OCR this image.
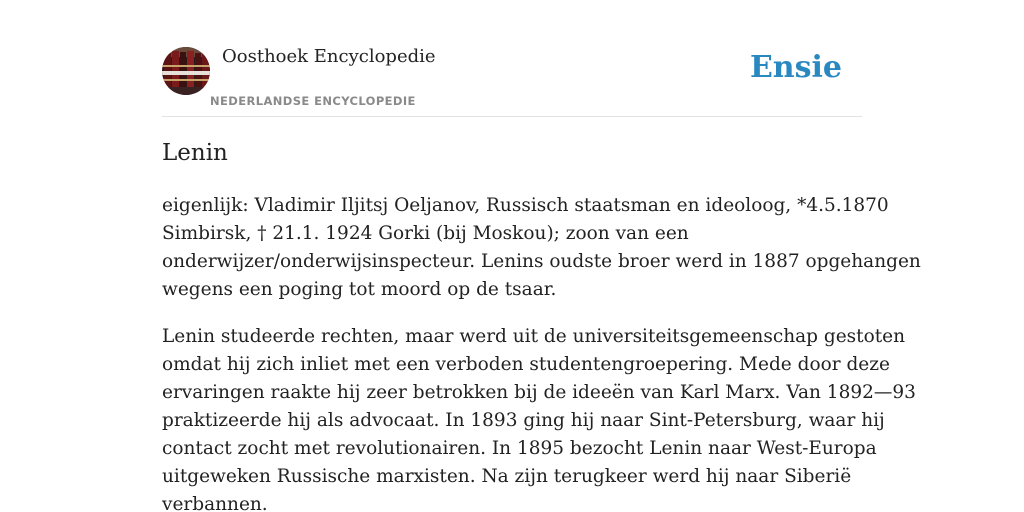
Oosthoek Encyclopedie
NEDERLANDSE ENCYCLOPEDIE
Ensie
Lenin

eigenlijk: Vladimir Iljitsj Oeljanov, Russisch staatsman en ideoloog, *4.5.1870
Simbirsk, † 21.1. 1924 Gorki (bij Moskou); zoon van een
onderwijzer/onderwijsinspecteur. Lenins oudste broer werd in 1887 opgehangen
wegens een poging tot moord op de tsaar.

Lenin studeerde rechten, maar werd uit de universiteitsgemeenschap gestoten
omdat hij zich inliet met een verboden studentengroepering. Mede door deze
ervaringen raakte hij zeer betrokken bij de ideeën van Karl Marx. Van 1892—93
praktizeerde hij als advocaat. In 1893 ging hij naar Sint-Petersburg, waar hij
contact zocht met revolutionairen. In 1895 bezocht Lenin naar West-Europa
uitgeweken Russische marxisten. Na zijn terugkeer werd hij naar Siberië
verbannen.
